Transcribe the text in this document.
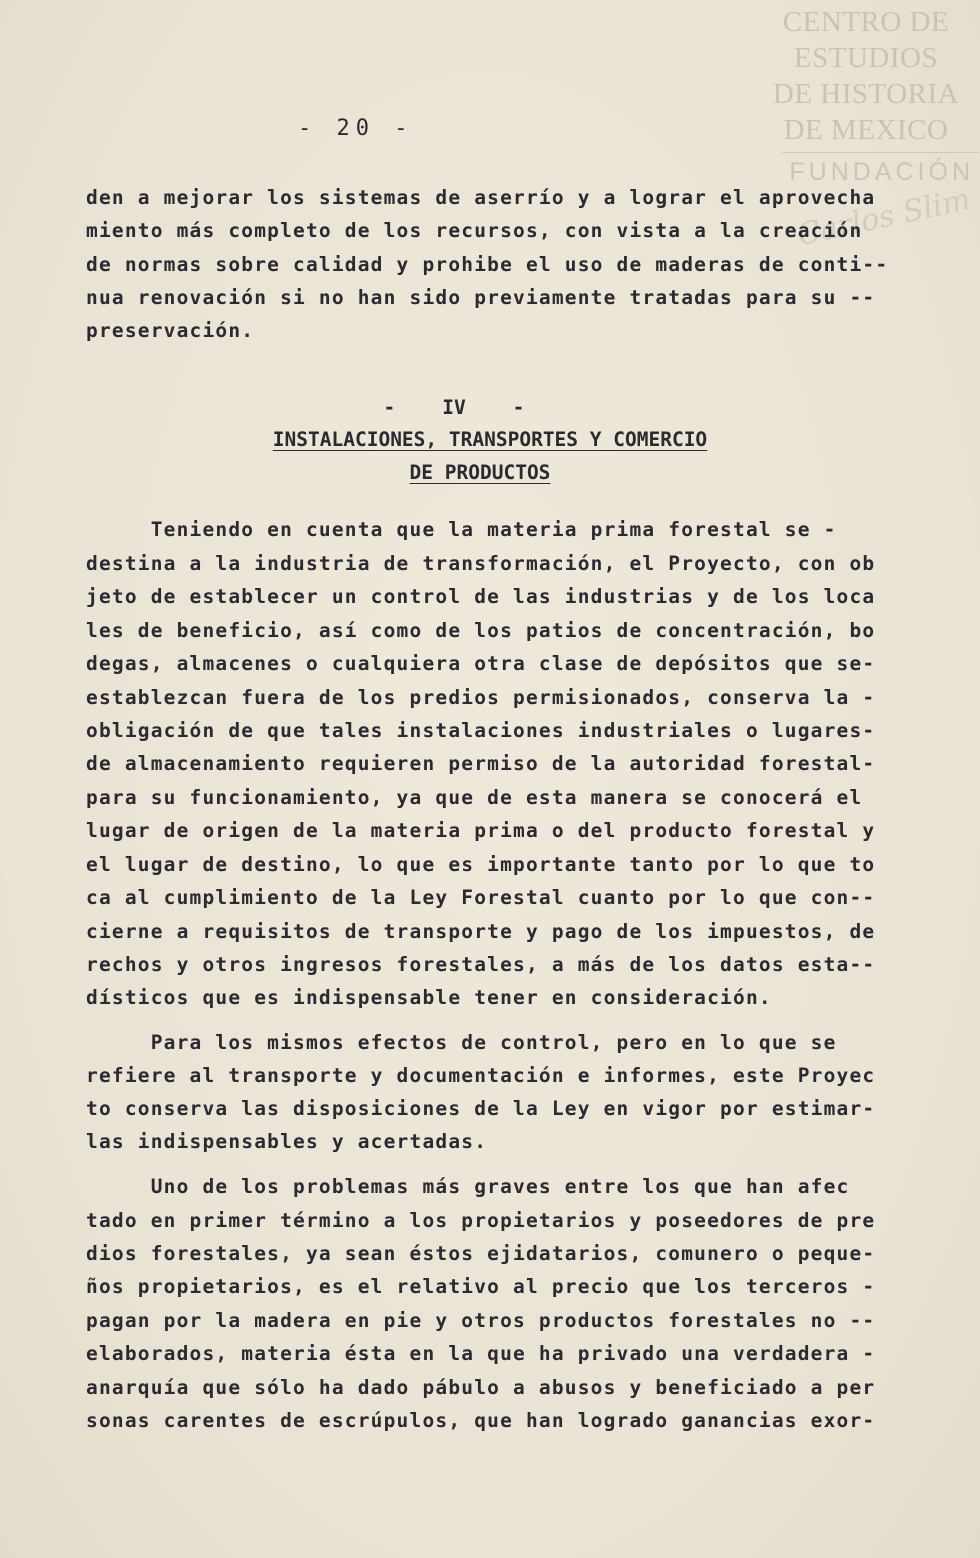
CENTRO DE
ESTUDIOS
DE HISTORIA
DE MEXICO
FUNDACIÓN
Carlos Slim
- 20 -
den a mejorar los sistemas de aserrío y a lograr el aprovecha
miento más completo de los recursos, con vista a la creación
de normas sobre calidad y prohibe el uso de maderas de conti--
nua renovación si no han sido previamente tratadas para su --
preservación.
-    IV    -
INSTALACIONES, TRANSPORTES Y COMERCIO
DE PRODUCTOS
Teniendo en cuenta que la materia prima forestal se -
destina a la industria de transformación, el Proyecto, con ob
jeto de establecer un control de las industrias y de los loca
les de beneficio, así como de los patios de concentración, bo
degas, almacenes o cualquiera otra clase de depósitos que se-
establezcan fuera de los predios permisionados, conserva la -
obligación de que tales instalaciones industriales o lugares-
de almacenamiento requieren permiso de la autoridad forestal-
para su funcionamiento, ya que de esta manera se conocerá el
lugar de origen de la materia prima o del producto forestal y
el lugar de destino, lo que es importante tanto por lo que to
ca al cumplimiento de la Ley Forestal cuanto por lo que con--
cierne a requisitos de transporte y pago de los impuestos, de
rechos y otros ingresos forestales, a más de los datos esta--
dísticos que es indispensable tener en consideración.
Para los mismos efectos de control, pero en lo que se
refiere al transporte y documentación e informes, este Proyec
to conserva las disposiciones de la Ley en vigor por estimar-
las indispensables y acertadas.
Uno de los problemas más graves entre los que han afec
tado en primer término a los propietarios y poseedores de pre
dios forestales, ya sean éstos ejidatarios, comunero o peque-
ños propietarios, es el relativo al precio que los terceros -
pagan por la madera en pie y otros productos forestales no --
elaborados, materia ésta en la que ha privado una verdadera -
anarquía que sólo ha dado pábulo a abusos y beneficiado a per
sonas carentes de escrúpulos, que han logrado ganancias exor-
